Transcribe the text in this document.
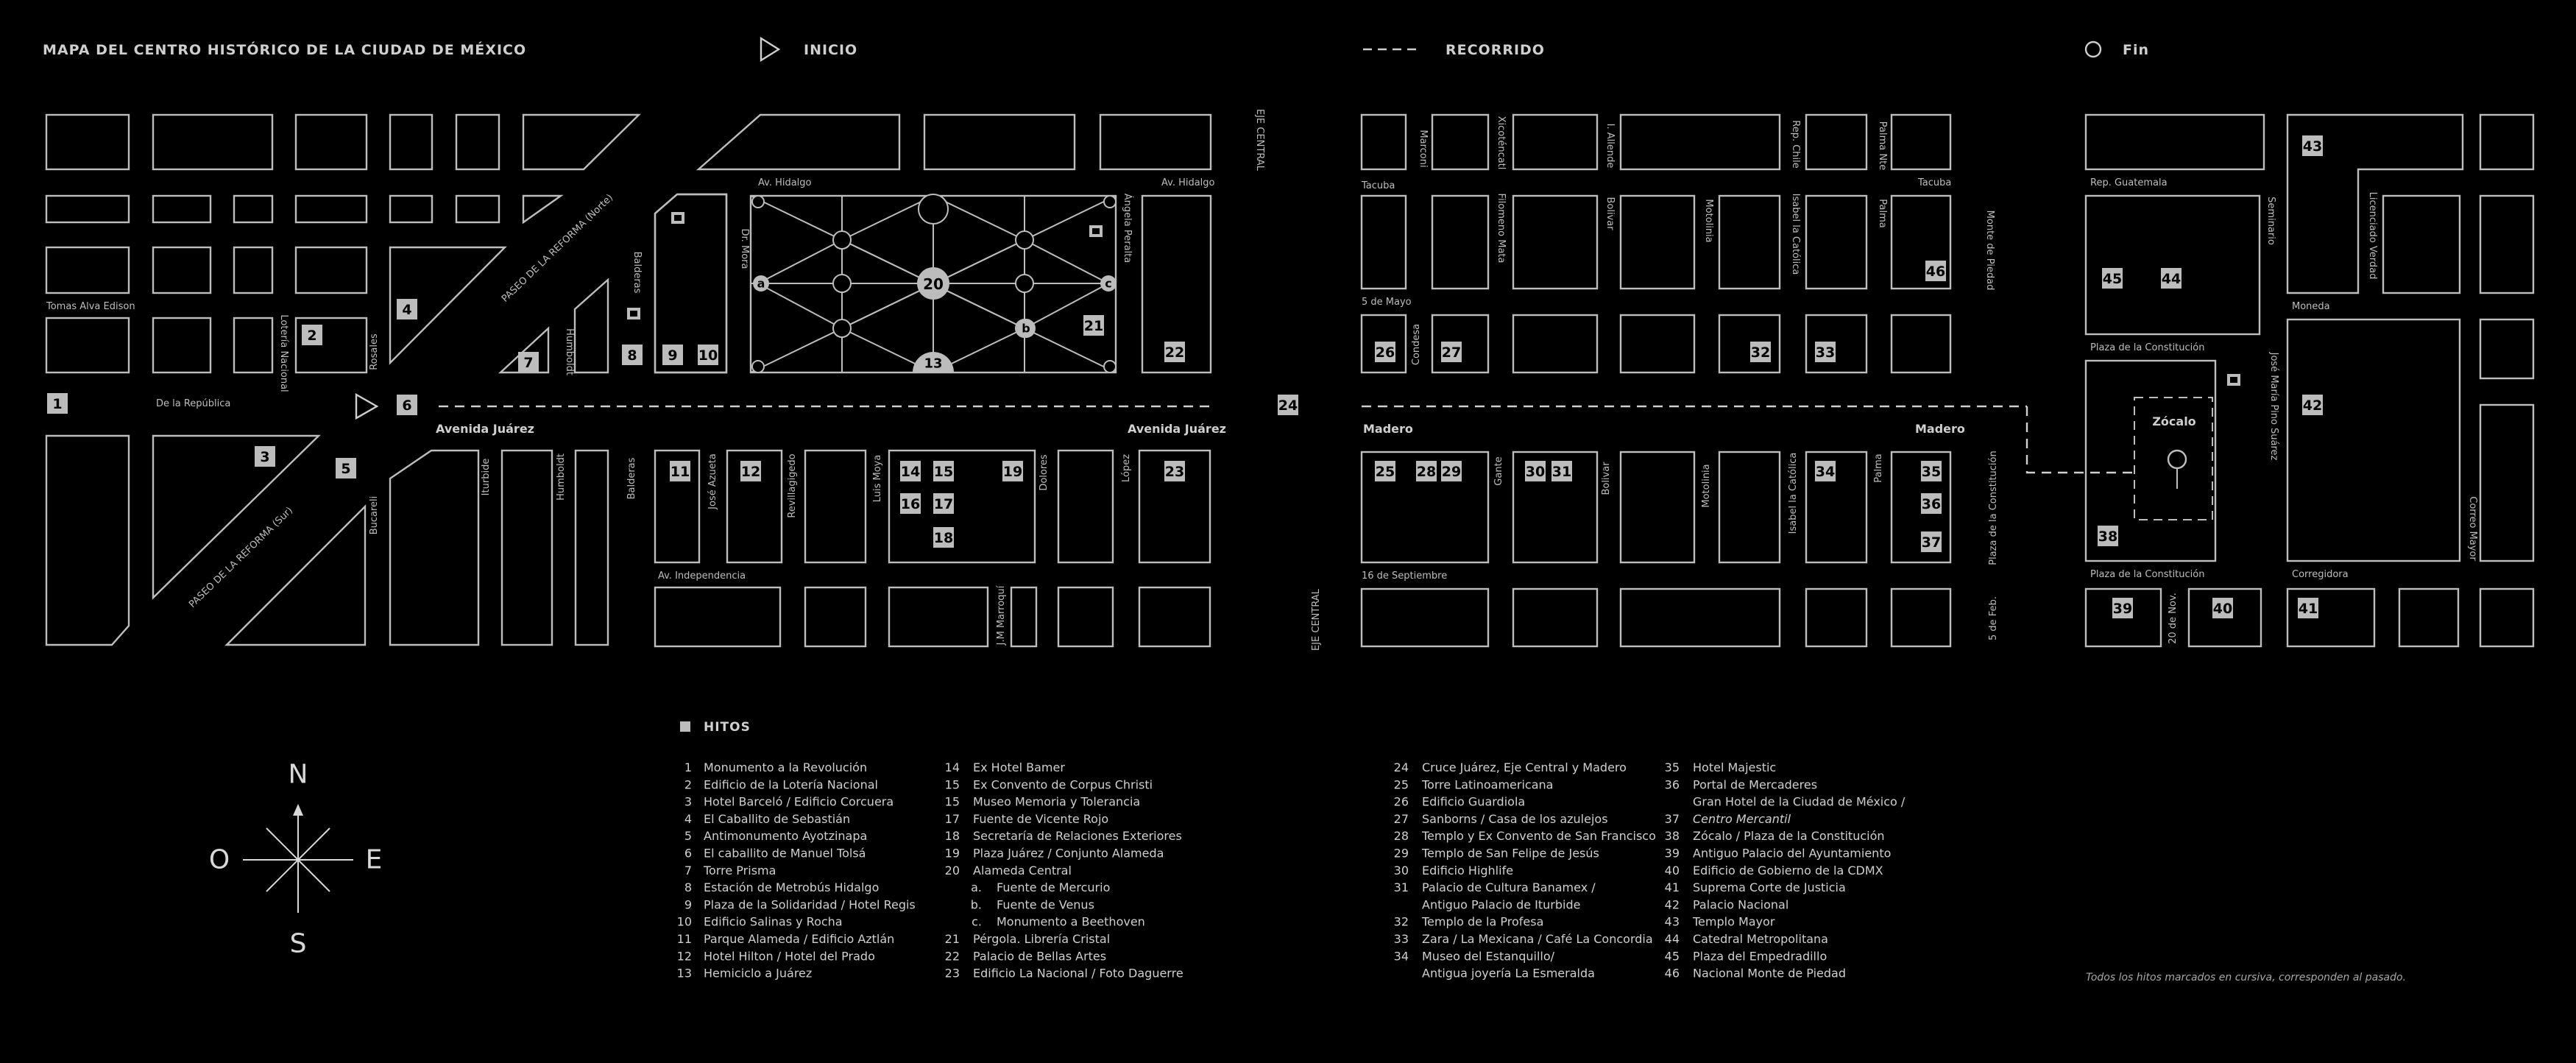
MAPA DEL CENTRO HISTÓRICO DE LA CIUDAD DE MÉXICO	INICIO	RECORRIDO	Fin
a
b
c
20
13
Tomas Alva Edison
De la República
Lotería Nacional	Rosales
PASEO DE LA REFORMA (Norte)
PASEO DE LA REFORMA (Sur)
Humboldt
Balderas
Bucareli
Iturbide	Humboldt	Balderas
Av. Hidalgo	Av. Hidalgo
Dr. Mora	Ángela Peralta
Avenida Juárez	Avenida Juárez
Av. Independencia
José Azueta	Revillagigedo	Luis Moya	Dolores	López
J.M Marroquí
EJE CENTRAL
EJE CENTRAL
Tacuba	Tacuba
Marconi	Xicoténcatl	I. Allende	Rep. Chile	Palma Nte
Filomeno Mata	Bolivar	Motolinia	Isabel la Católica	Palma	Monte de Piedad
5 de Mayo
Condesa
Madero	Madero
Gante	Bolivar	Motolinia	Isabel la Católica	Palma	Plaza de la Constitución
5 de Feb.
16 de Septiembre
Rep. Guatemala
Seminario	Licenciado Verdad
Moneda
Plaza de la Constitución
José María Pino Suárez
Correo Mayor
Plaza de la Constitución	Corregidora
20 de Nov.
Zócalo
1
2
3
4
5
6
7	8 9 10
11	12	14 15
16 17
18
19
21
22
23
24
25
26	27
28 29	30 31
32	33
34	35
36
37	38
39	40	41
42
43
44
45
46
N
S
E
O
HITOS
1 Monumento a la Revolución
2 Edificio de la Lotería Nacional
3 Hotel Barceló / Edificio Corcuera
4 El Caballito de Sebastián
5 Antimonumento Ayotzinapa
6 El caballito de Manuel Tolsá
7 Torre Prisma
8 Estación de Metrobús Hidalgo
9 Plaza de la Solidaridad / Hotel Regis
10 Edificio Salinas y Rocha
11 Parque Alameda / Edificio Aztlán
12 Hotel Hilton / Hotel del Prado
13 Hemiciclo a Juárez
14 Ex Hotel Bamer
15 Ex Convento de Corpus Christi
15 Museo Memoria y Tolerancia
17 Fuente de Vicente Rojo
18 Secretaría de Relaciones Exteriores
19 Plaza Juárez / Conjunto Alameda
20 Alameda Central
a. Fuente de Mercurio
b. Fuente de Venus
c. Monumento a Beethoven
21 Pérgola. Librería Cristal
22 Palacio de Bellas Artes
23 Edificio La Nacional / Foto Daguerre
24 Cruce Juárez, Eje Central y Madero
25 Torre Latinoamericana
26 Edificio Guardiola
27 Sanborns / Casa de los azulejos
28 Templo y Ex Convento de San Francisco
29 Templo de San Felipe de Jesús
30 Edificio Highlife
31 Palacio de Cultura Banamex /
Antiguo Palacio de Iturbide
32 Templo de la Profesa
33 Zara / La Mexicana / Café La Concordia
34 Museo del Estanquillo/
Antigua joyería La Esmeralda
35 Hotel Majestic
36 Portal de Mercaderes
Gran Hotel de la Ciudad de México /
37 Centro Mercantil
38 Zócalo / Plaza de la Constitución
39 Antiguo Palacio del Ayuntamiento
40 Edificio de Gobierno de la CDMX
41 Suprema Corte de Justicia
42 Palacio Nacional
43 Templo Mayor
44 Catedral Metropolitana
45 Plaza del Empedradillo
46 Nacional Monte de Piedad	Todos los hitos marcados en cursiva, corresponden al pasado.
